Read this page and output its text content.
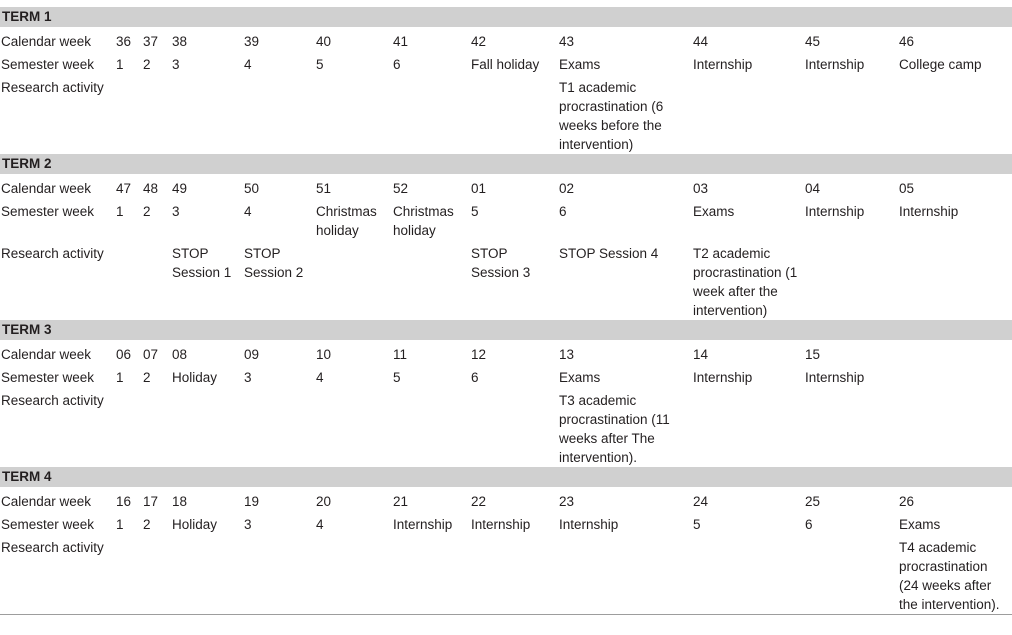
TERM 1											
Calendar week	36	37	38	39	40	41	42	43	44	45	46
Semester week	1	2	3	4	5	6	Fall holiday	Exams	Internship	Internship	College camp
Research activity								T1 academic procrastination (6 weeks before the intervention)			
TERM 2											
Calendar week	47	48	49	50	51	52	01	02	03	04	05
Semester week	1	2	3	4	Christmas holiday	Christmas holiday	5	6	Exams	Internship	Internship
Research activity			STOP Session 1	STOP Session 2			STOP Session 3	STOP Session 4	T2 academic procrastination (1 week after the intervention)		
TERM 3											
Calendar week	06	07	08	09	10	11	12	13	14	15	
Semester week	1	2	Holiday	3	4	5	6	Exams	Internship	Internship	
Research activity								T3 academic procrastination (11 weeks after The intervention).			
TERM 4											
Calendar week	16	17	18	19	20	21	22	23	24	25	26
Semester week	1	2	Holiday	3	4	Internship	Internship	Internship	5	6	Exams
Research activity											T4 academic procrastination (24 weeks after the intervention).
